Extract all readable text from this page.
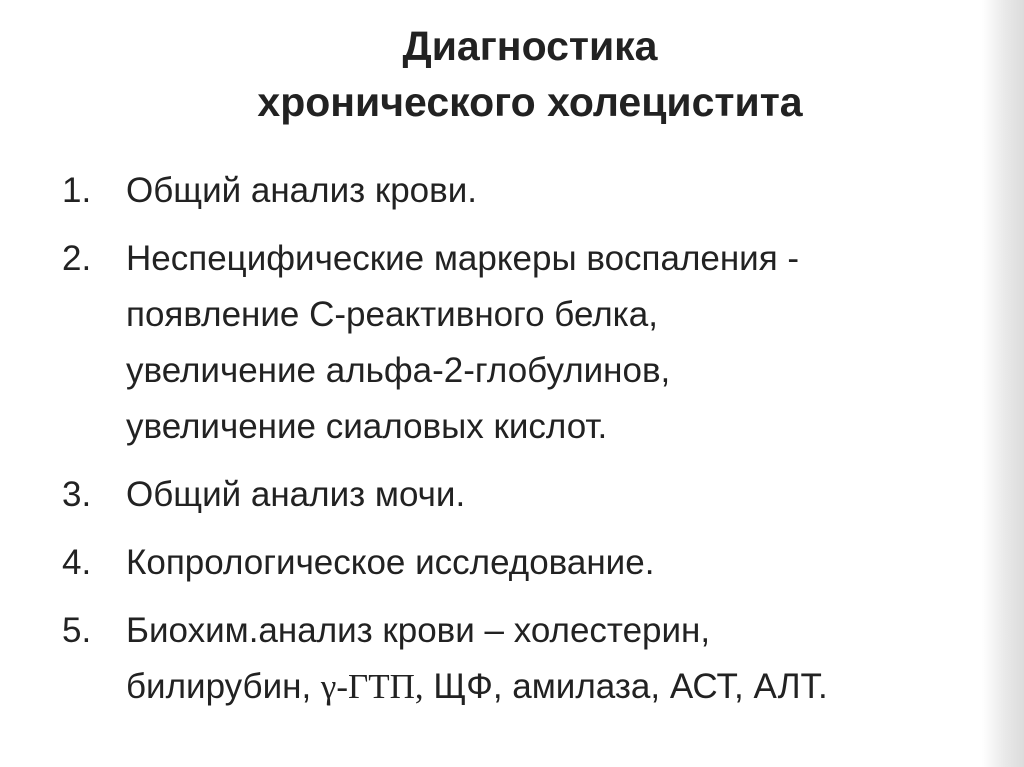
Диагностика
хронического холецистита
1. Общий анализ крови.
2. Неспецифические маркеры воспаления -
появление С-реактивного белка,
увеличение альфа-2-глобулинов,
увеличение сиаловых кислот.
3. Общий анализ мочи.
4. Копрологическое исследование.
5. Биохим.анализ крови – холестерин,
билирубин, γ-ГТП, ЩФ, амилаза, АСТ, АЛТ.
